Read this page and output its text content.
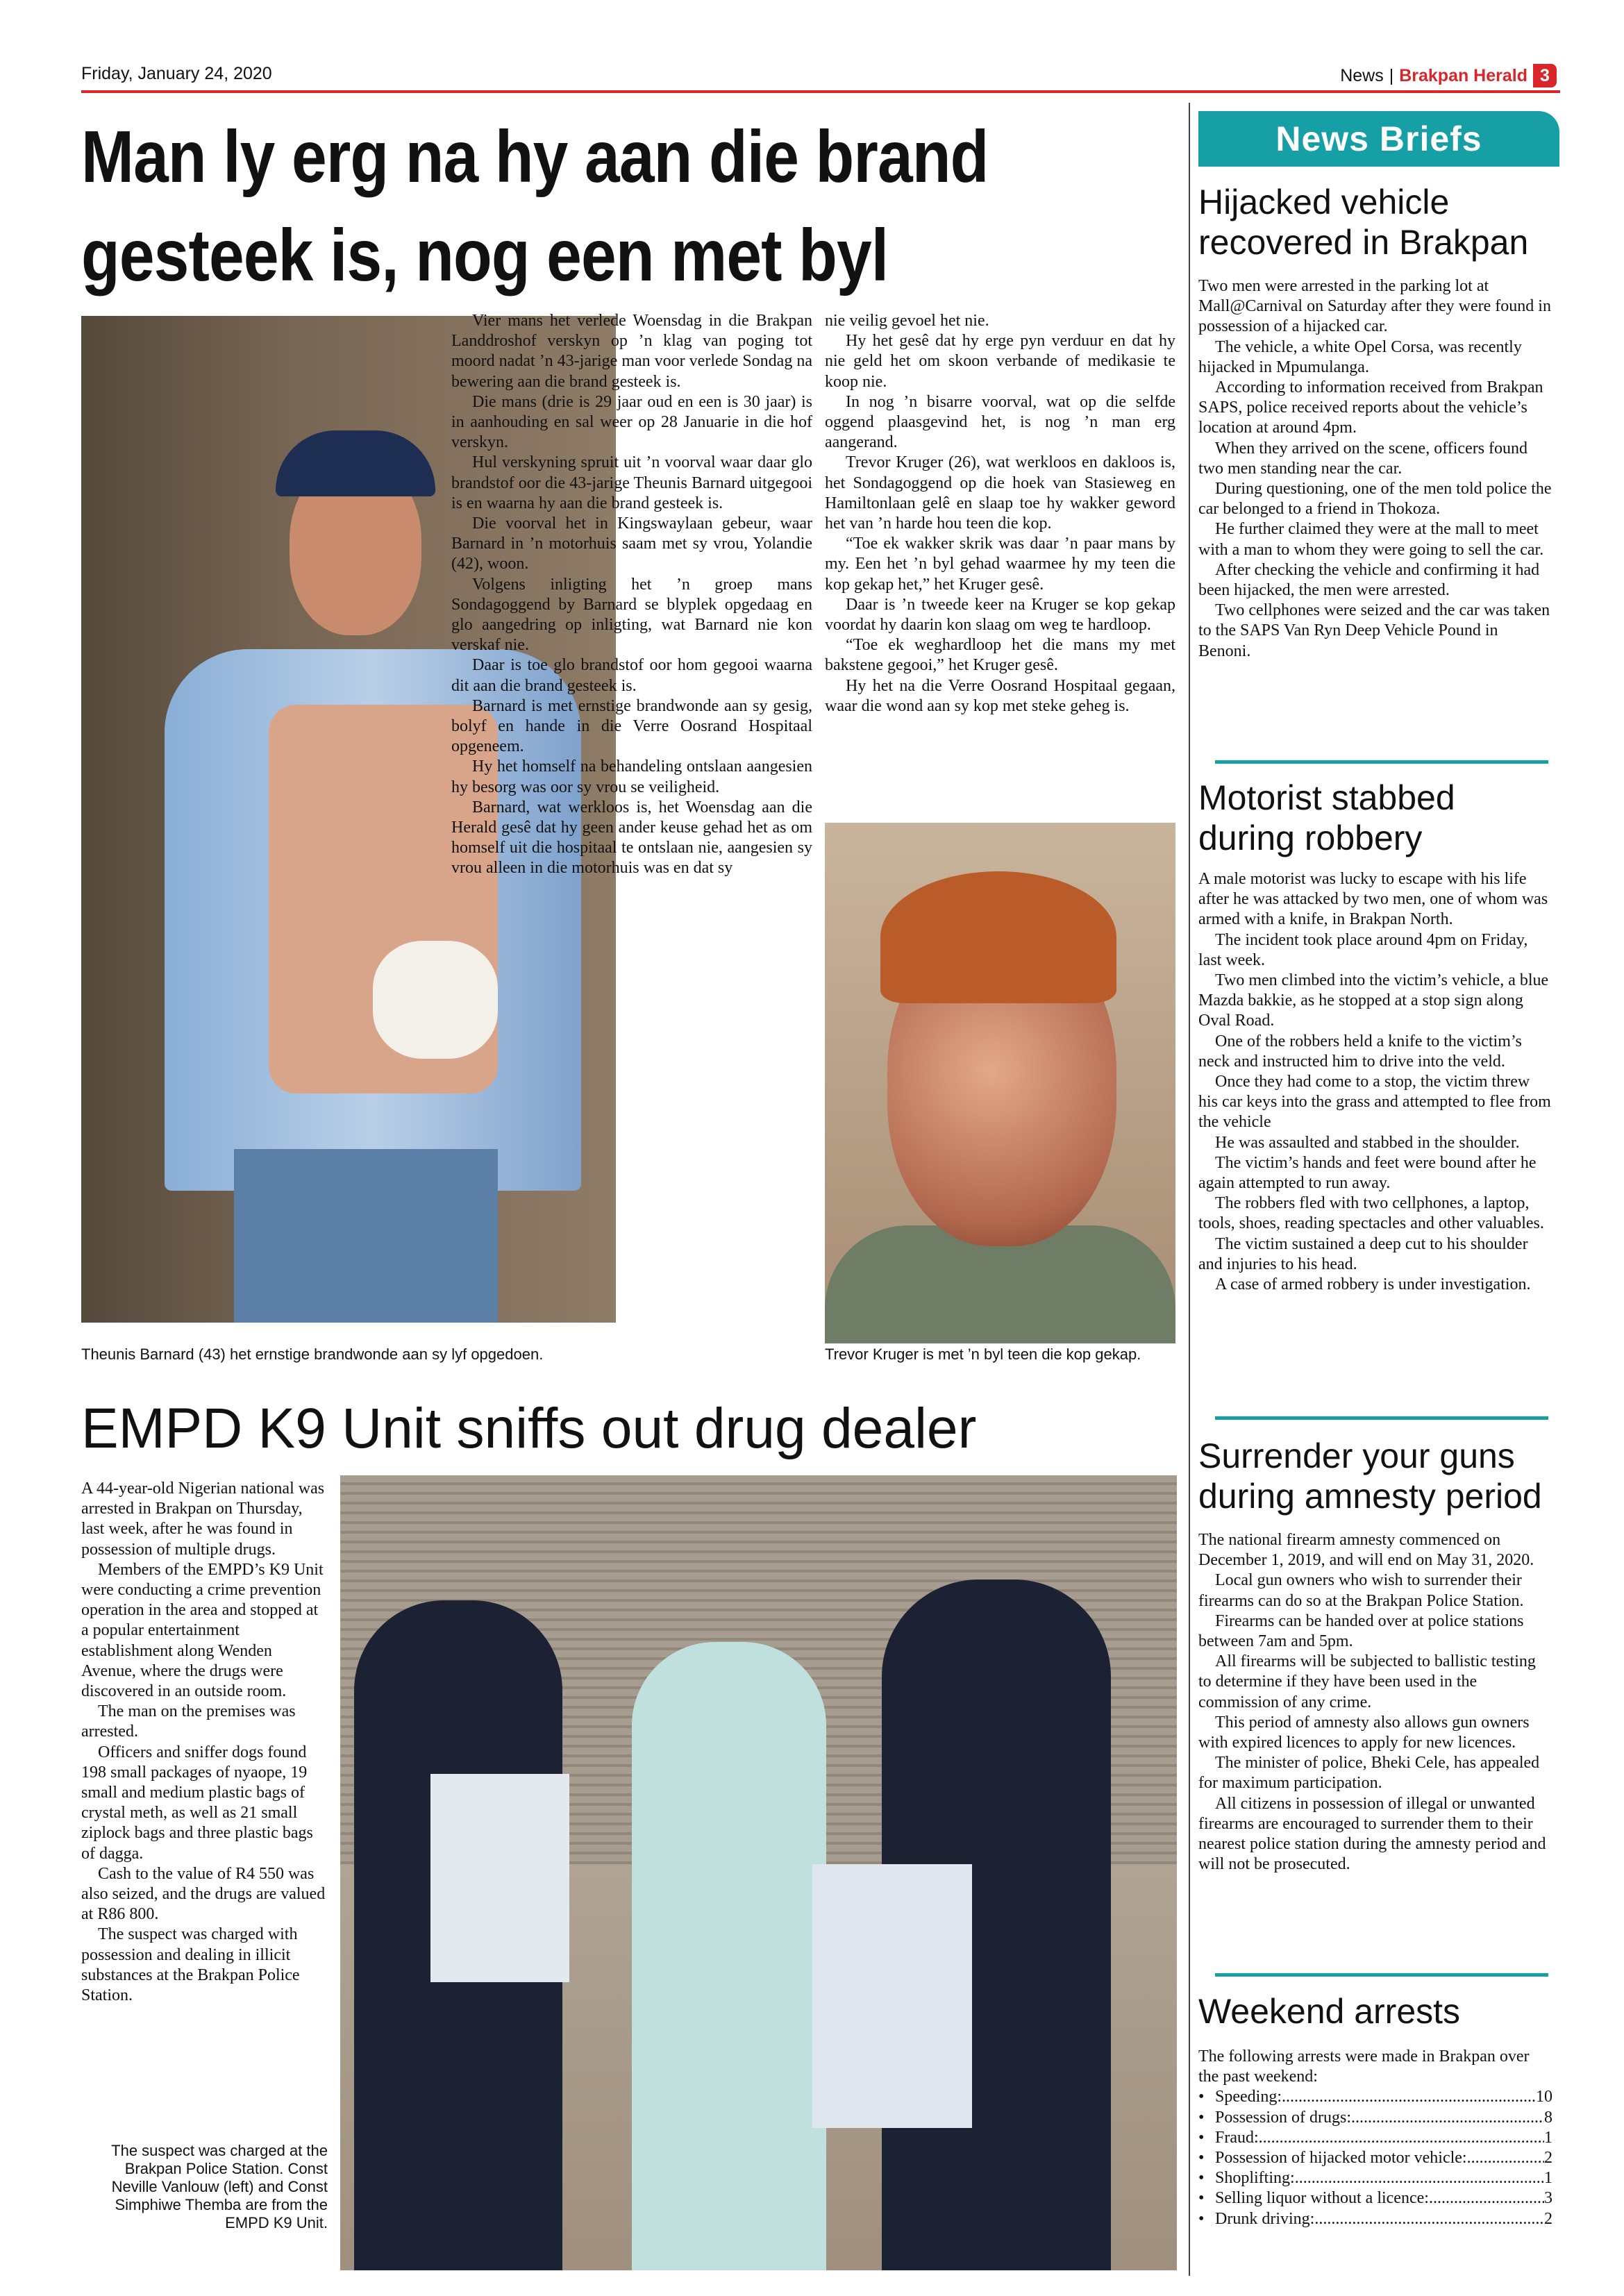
Friday, January 24, 2020	News | Brakpan Herald 3
Man ly erg na hy aan die brand gesteek is, nog een met byl

Vier mans het verlede Woensdag in die Brakpan Landdroshof verskyn op ’n klag van poging tot moord nadat ’n 43-jarige man voor verlede Sondag na bewering aan die brand gesteek is.

Die mans (drie is 29 jaar oud en een is 30 jaar) is in aanhouding en sal weer op 28 Januarie in die hof verskyn.

Hul verskyning spruit uit ’n voorval waar daar glo brandstof oor die 43-jarige Theunis Barnard uitgegooi is en waarna hy aan die brand gesteek is.

Die voorval het in Kingswaylaan gebeur, waar Barnard in ’n motorhuis saam met sy vrou, Yolandie (42), woon.

Volgens inligting het ’n groep mans Sondagoggend by Barnard se blyplek opgedaag en glo aangedring op inligting, wat Barnard nie kon verskaf nie.

Daar is toe glo brandstof oor hom gegooi waarna dit aan die brand gesteek is.

Barnard is met ernstige brandwonde aan sy gesig, bolyf en hande in die Verre Oosrand Hospitaal opgeneem.

Hy het homself na behandeling ontslaan aangesien hy besorg was oor sy vrou se veiligheid.

Barnard, wat werkloos is, het Woensdag aan die Herald gesê dat hy geen ander keuse gehad het as om homself uit die hospitaal te ontslaan nie, aangesien sy vrou alleen in die motorhuis was en dat sy

nie veilig gevoel het nie.

Hy het gesê dat hy erge pyn verduur en dat hy nie geld het om skoon verbande of medikasie te koop nie.

In nog ’n bisarre voorval, wat op die selfde oggend plaasgevind het, is nog ’n man erg aangerand.

Trevor Kruger (26), wat werkloos en dakloos is, het Sondagoggend op die hoek van Stasieweg en Hamiltonlaan gelê en slaap toe hy wakker geword het van ’n harde hou teen die kop.

“Toe ek wakker skrik was daar ’n paar mans by my. Een het ’n byl gehad waarmee hy my teen die kop gekap het,” het Kruger gesê.

Daar is ’n tweede keer na Kruger se kop gekap voordat hy daarin kon slaag om weg te hardloop.

“Toe ek weghardloop het die mans my met bakstene gegooi,” het Kruger gesê.

Hy het na die Verre Oosrand Hospitaal gegaan, waar die wond aan sy kop met steke geheg is.

Theunis Barnard (43) het ernstige brandwonde aan sy lyf opgedoen.	Trevor Kruger is met ’n byl teen die kop gekap.
EMPD K9 Unit sniffs out drug dealer

A 44-year-old Nigerian national was arrested in Brakpan on Thursday, last week, after he was found in possession of multiple drugs.

Members of the EMPD’s K9 Unit were conducting a crime prevention operation in the area and stopped at a popular entertainment establishment along Wenden Avenue, where the drugs were discovered in an outside room.

The man on the premises was arrested.

Officers and sniffer dogs found 198 small packages of nyaope, 19 small and medium plastic bags of crystal meth, as well as 21 small ziplock bags and three plastic bags of dagga.

Cash to the value of R4 550 was also seized, and the drugs are valued at R86 800.

The suspect was charged with possession and dealing in illicit substances at the Brakpan Police Station.

The suspect was charged at the Brakpan Police Station. Const Neville Vanlouw (left) and Const Simphiwe Themba are from the EMPD K9 Unit.
News Briefs
Hijacked vehicle recovered in Brakpan

Two men were arrested in the parking lot at Mall@Carnival on Saturday after they were found in possession of a hijacked car.

The vehicle, a white Opel Corsa, was recently hijacked in Mpumulanga.

According to information received from Brakpan SAPS, police received reports about the vehicle’s location at around 4pm.

When they arrived on the scene, officers found two men standing near the car.

During questioning, one of the men told police the car belonged to a friend in Thokoza.

He further claimed they were at the mall to meet with a man to whom they were going to sell the car.

After checking the vehicle and confirming it had been hijacked, the men were arrested.

Two cellphones were seized and the car was taken to the SAPS Van Ryn Deep Vehicle Pound in Benoni.

Motorist stabbed during robbery

A male motorist was lucky to escape with his life after he was attacked by two men, one of whom was armed with a knife, in Brakpan North.

The incident took place around 4pm on Friday, last week.

Two men climbed into the victim’s vehicle, a blue Mazda bakkie, as he stopped at a stop sign along Oval Road.

One of the robbers held a knife to the victim’s neck and instructed him to drive into the veld.

Once they had come to a stop, the victim threw his car keys into the grass and attempted to flee from the vehicle

He was assaulted and stabbed in the shoulder.

The victim’s hands and feet were bound after he again attempted to run away.

The robbers fled with two cellphones, a laptop, tools, shoes, reading spectacles and other valuables.

The victim sustained a deep cut to his shoulder and injuries to his head.

A case of armed robbery is under investigation.

Surrender your guns during amnesty period

The national firearm amnesty commenced on December 1, 2019, and will end on May 31, 2020.

Local gun owners who wish to surrender their firearms can do so at the Brakpan Police Station.

Firearms can be handed over at police stations between 7am and 5pm.

All firearms will be subjected to ballistic testing to determine if they have been used in the commission of any crime.

This period of amnesty also allows gun owners with expired licences to apply for new licences.

The minister of police, Bheki Cele, has appealed for maximum participation.

All citizens in possession of illegal or unwanted firearms are encouraged to surrender them to their nearest police station during the amnesty period and will not be prosecuted.

Weekend arrests

The following arrests were made in Brakpan over the past weekend:

• Speeding: .....	10
• Possession of drugs: .....	8
• Fraud: .....	1
• Possession of hijacked motor vehicle: .....	2
• Shoplifting: .....	1
• Selling liquor without a licence: .....	3
• Drunk driving: .....	2
